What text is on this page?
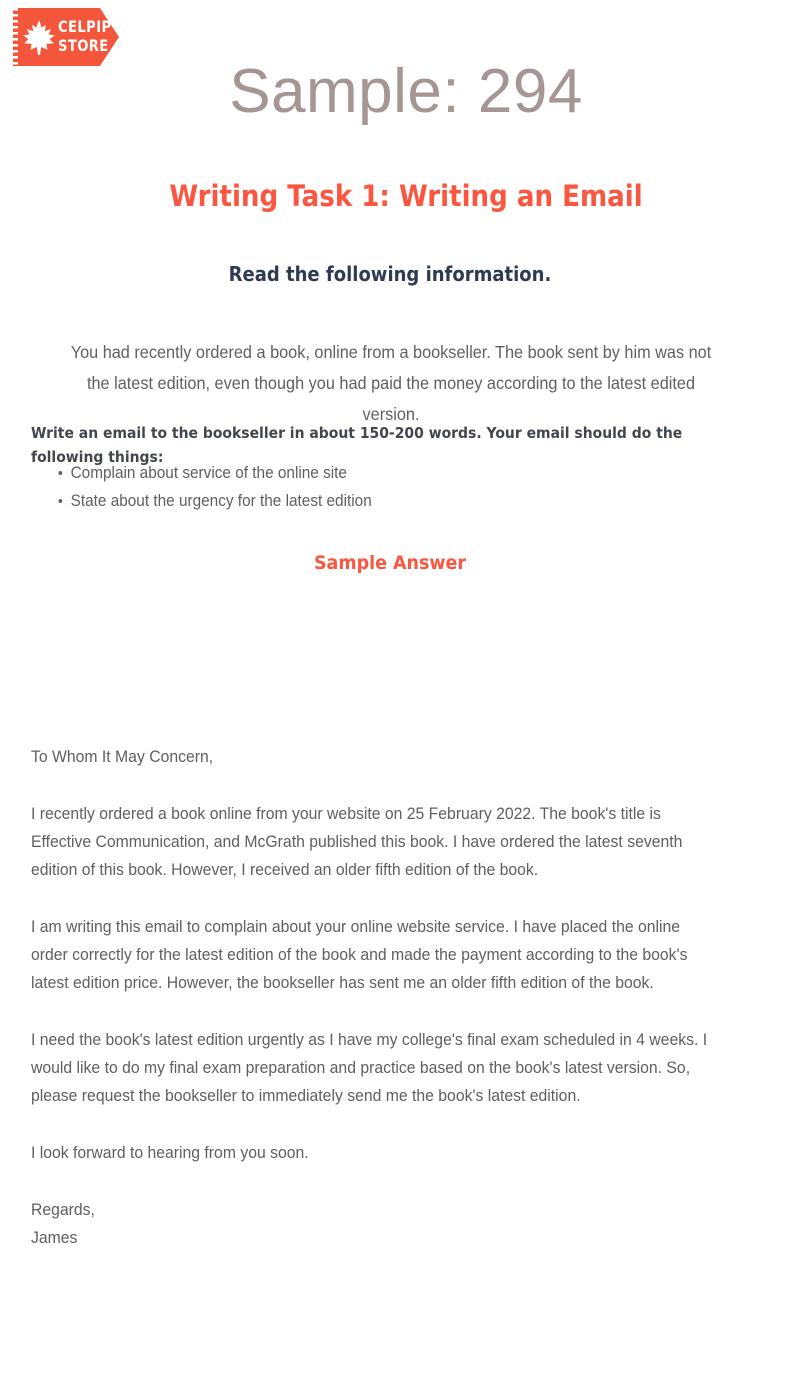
CELPIP
STORE
Sample: 294
Writing Task 1: Writing an Email
Read the following information.
You had recently ordered a book, online from a bookseller. The book sent by him was not the latest edition, even though you had paid the money according to the latest edited version.
Write an email to the bookseller in about 150-200 words. Your email should do the following things:
Complain about service of the online site
State about the urgency for the latest edition
Sample Answer

To Whom It May Concern,

I recently ordered a book online from your website on 25 February 2022. The book's title is Effective Communication, and McGrath published this book. I have ordered the latest seventh edition of this book. However, I received an older fifth edition of the book.

I am writing this email to complain about your online website service. I have placed the online order correctly for the latest edition of the book and made the payment according to the book's latest edition price. However, the bookseller has sent me an older fifth edition of the book.

I need the book's latest edition urgently as I have my college's final exam scheduled in 4 weeks. I would like to do my final exam preparation and practice based on the book's latest version. So, please request the bookseller to immediately send me the book's latest edition.

I look forward to hearing from you soon.

Regards,

James
